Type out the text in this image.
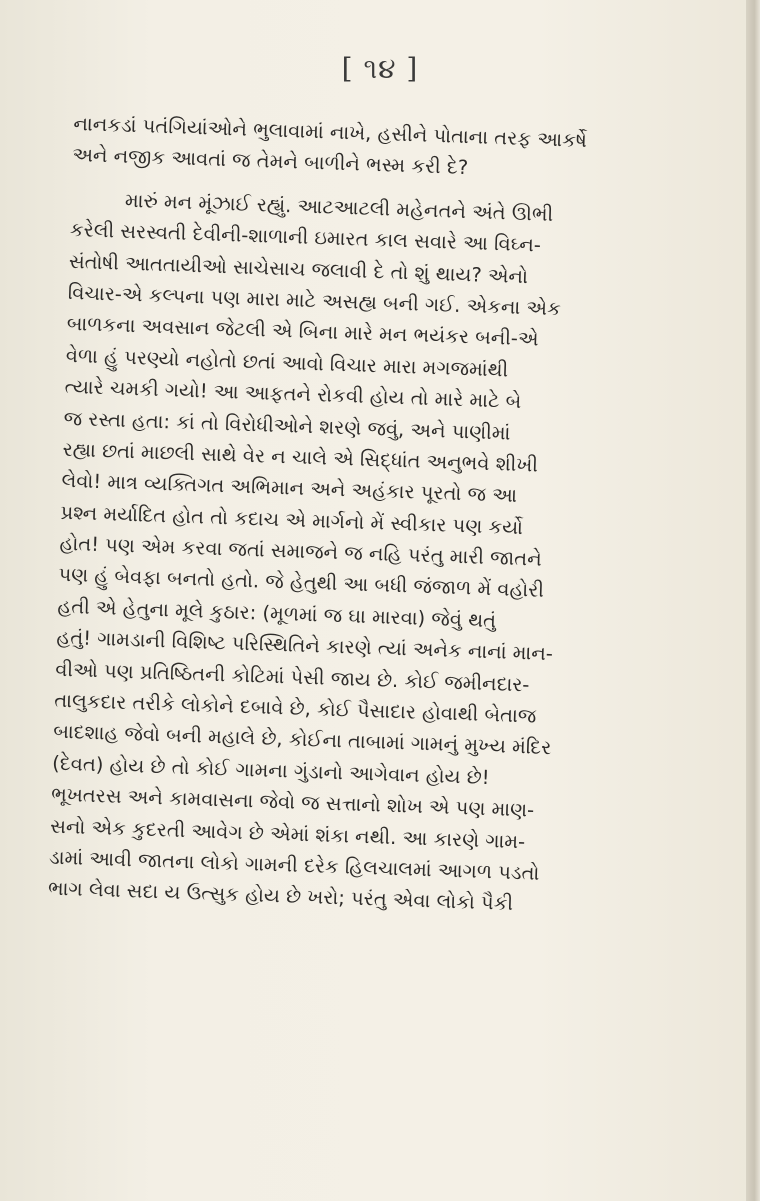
[ ૧૪ ]
નાનકડાં પતંગિયાંઓને ભુલાવામાં નાખે, હસીને પોતાના તરફ આકર્ષે
અને નજીક આવતાં જ તેમને બાળીને ભસ્મ કરી દે?
મારું મન મૂંઝાઈ રહ્યું. આટઆટલી મહેનતને અંતે ઊભી
કરેલી સરસ્વતી દેવીની-શાળાની ઇમારત કાલ સવારે આ વિઘ્ન-
સંતોષી આતતાયીઓ સાચેસાચ જલાવી દે તો શું થાય? એનો
વિચાર-એ કલ્પના પણ મારા માટે અસહ્ય બની ગઈ. એકના એક
બાળકના અવસાન જેટલી એ બિના મારે મન ભયંકર બની-એ
વેળા હું પરણ્યો નહોતો છતાં આવો વિચાર મારા મગજમાંથી
ત્યારે ચમકી ગયો! આ આફતને રોકવી હોય તો મારે માટે બે
જ રસ્તા હતા: કાં તો વિરોધીઓને શરણે જવું, અને પાણીમાં
રહ્યા છતાં માછલી સાથે વેર ન ચાલે એ સિદ્ધાંત અનુભવે શીખી
લેવો! માત્ર વ્યક્તિગત અભિમાન અને અહંકાર પૂરતો જ આ
પ્રશ્ન મર્યાદિત હોત તો કદાચ એ માર્ગનો મેં સ્વીકાર પણ કર્યો
હોત! પણ એમ કરવા જતાં સમાજને જ નહિ પરંતુ મારી જાતને
પણ હું બેવફા બનતો હતો. જે હેતુથી આ બધી જંજાળ મેં વહોરી
હતી એ હેતુના મૂલે કુઠાર: (મૂળમાં જ ઘા મારવા) જેવું થતું
હતું! ગામડાની વિશિષ્ટ પરિસ્થિતિને કારણે ત્યાં અનેક નાનાં માન-
વીઓ પણ પ્રતિષ્ઠિતની કોટિમાં પેસી જાય છે. કોઈ જમીનદાર-
તાલુકદાર તરીકે લોકોને દબાવે છે, કોઈ પૈસાદાર હોવાથી બેતાજ
બાદશાહ જેવો બની મહાલે છે, કોઈના તાબામાં ગામનું મુખ્ય મંદિર
(દેવત) હોય છે તો કોઈ ગામના ગુંડાનો આગેવાન હોય છે!
ભૂખતરસ અને કામવાસના જેવો જ સત્તાનો શોખ એ પણ માણ-
સનો એક કુદરતી આવેગ છે એમાં શંકા નથી. આ કારણે ગામ-
ડામાં આવી જાતના લોકો ગામની દરેક હિલચાલમાં આગળ પડતો
ભાગ લેવા સદા ય ઉત્સુક હોય છે ખરો; પરંતુ એવા લોકો પૈકી
